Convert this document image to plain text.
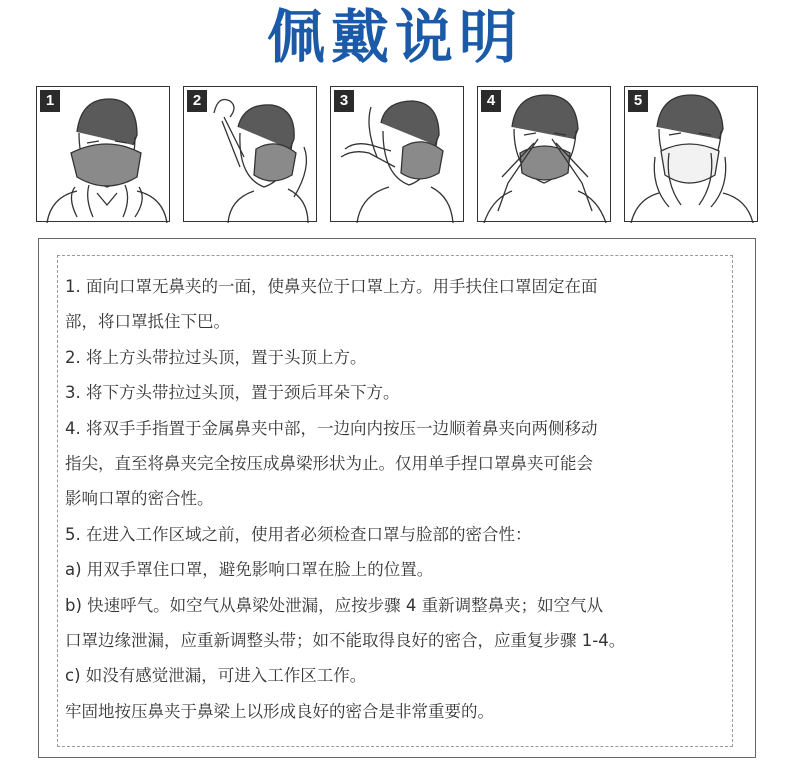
佩戴说明
1	2	3	4	5
1. 面向口罩无鼻夹的一面，使鼻夹位于口罩上方。用手扶住口罩固定在面
部，将口罩抵住下巴。
2. 将上方头带拉过头顶，置于头顶上方。
3. 将下方头带拉过头顶，置于颈后耳朵下方。
4. 将双手手指置于金属鼻夹中部，一边向内按压一边顺着鼻夹向两侧移动
指尖，直至将鼻夹完全按压成鼻梁形状为止。仅用单手捏口罩鼻夹可能会
影响口罩的密合性。
5. 在进入工作区域之前，使用者必须检查口罩与脸部的密合性：
a) 用双手罩住口罩，避免影响口罩在脸上的位置。
b) 快速呼气。如空气从鼻梁处泄漏，应按步骤 4 重新调整鼻夹；如空气从
口罩边缘泄漏，应重新调整头带；如不能取得良好的密合，应重复步骤 1-4。
c) 如没有感觉泄漏，可进入工作区工作。
牢固地按压鼻夹于鼻梁上以形成良好的密合是非常重要的。
